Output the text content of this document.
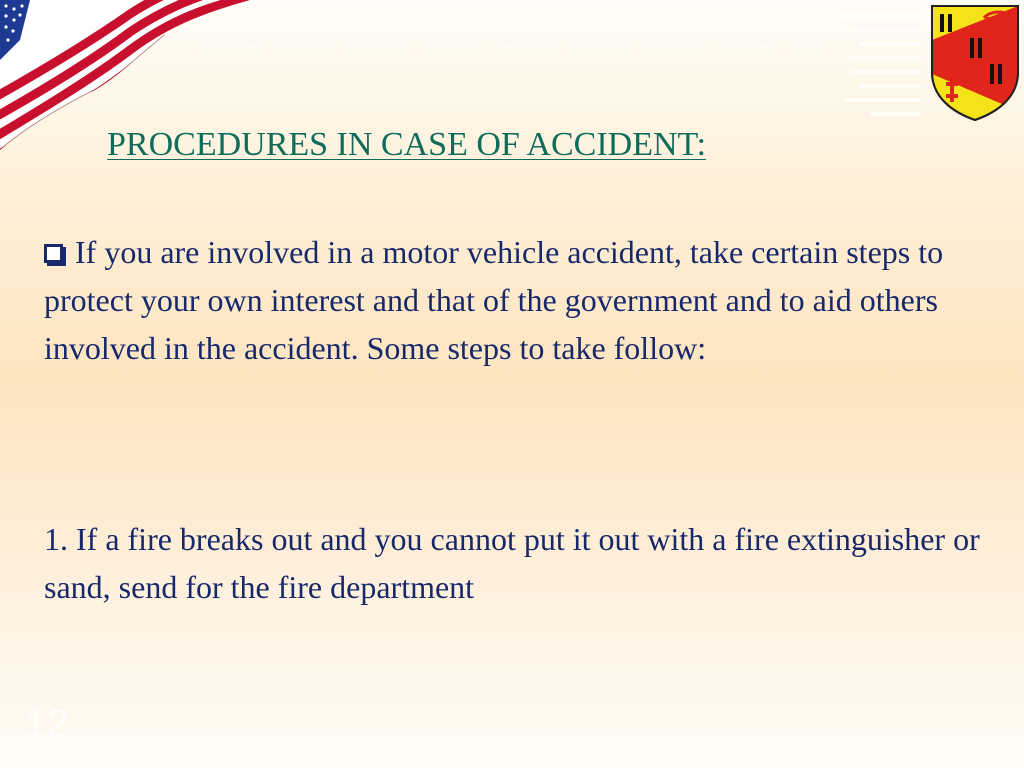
PROCEDURES IN CASE OF ACCIDENT:

If you are involved in a motor vehicle accident, take certain steps to protect your own interest and that of the government and to aid others involved in the accident. Some steps to take follow:

1. If a fire breaks out and you cannot put it out with a fire extinguisher or sand, send for the fire department

12
